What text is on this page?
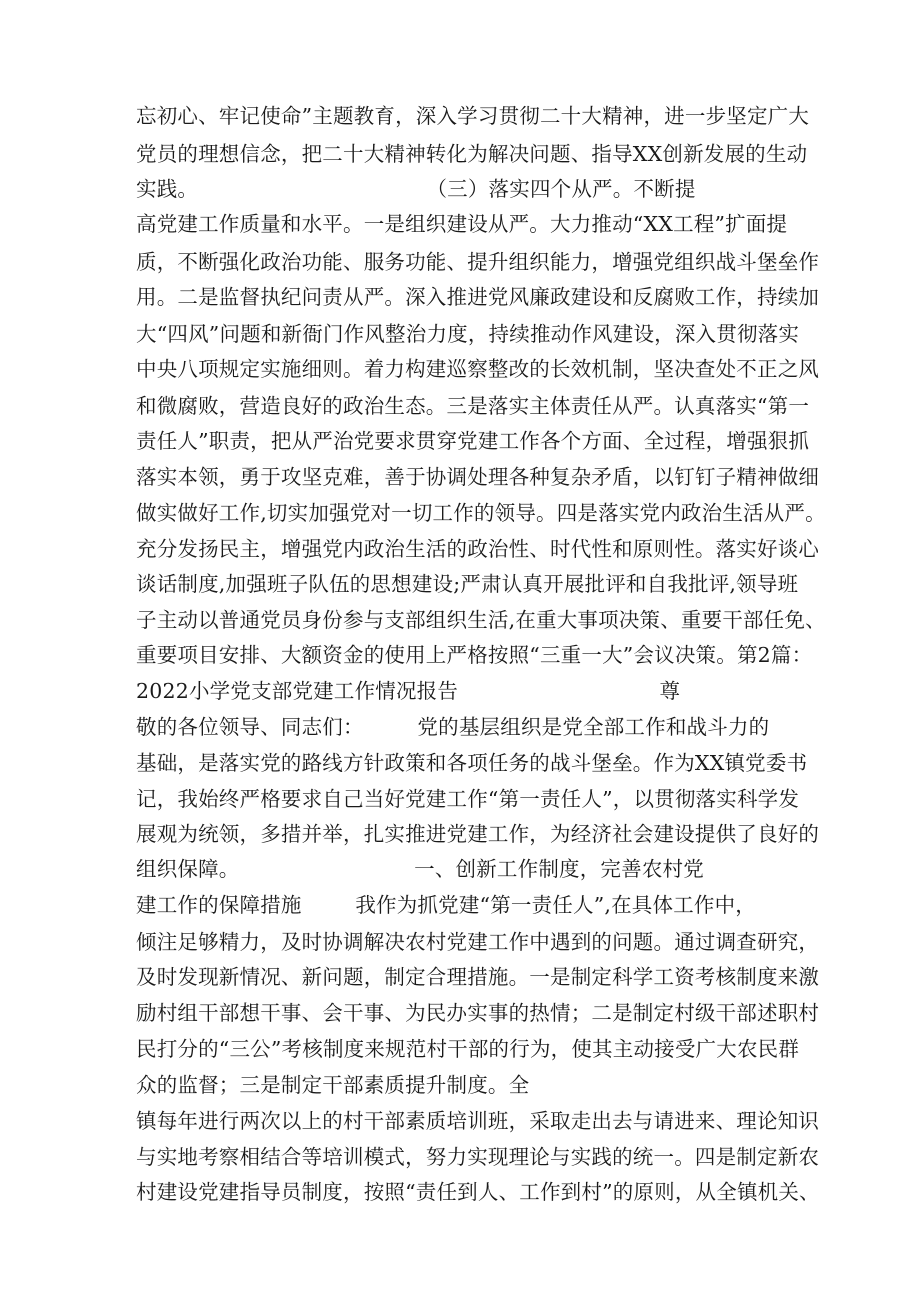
忘初心、牢记使命”主题教育，深入学习贯彻二十大精神，进一步坚定广大
党员的理想信念，把二十大精神转化为解决问题、指导XX创新发展的生动
实践。                                  （三）落实四个从严。不断提
高党建工作质量和水平。一是组织建设从严。大力推动“XX工程”扩面提
质，不断强化政治功能、服务功能、提升组织能力，增强党组织战斗堡垒作
用。二是监督执纪问责从严。深入推进党风廉政建设和反腐败工作，持续加
大“四风”问题和新衙门作风整治力度，持续推动作风建设，深入贯彻落实
中央八项规定实施细则。着力构建巡察整改的长效机制，坚决查处不正之风
和微腐败，营造良好的政治生态。三是落实主体责任从严。认真落实“第一
责任人”职责，把从严治党要求贯穿党建工作各个方面、全过程，增强狠抓
落实本领，勇于攻坚克难，善于协调处理各种复杂矛盾，以钉钉子精神做细
做实做好工作,切实加强党对一切工作的领导。四是落实党内政治生活从严。
充分发扬民主，增强党内政治生活的政治性、时代性和原则性。落实好谈心
谈话制度,加强班子队伍的思想建设;严肃认真开展批评和自我批评,领导班
子主动以普通党员身份参与支部组织生活,在重大事项决策、重要干部任免、
重要项目安排、大额资金的使用上严格按照“三重一大”会议决策。第2篇：
2022小学党支部党建工作情况报告                              尊
敬的各位领导、同志们：        党的基层组织是党全部工作和战斗力的
基础，是落实党的路线方针政策和各项任务的战斗堡垒。作为XX镇党委书
记，我始终严格要求自己当好党建工作“第一责任人”，以贯彻落实科学发
展观为统领，多措并举，扎实推进党建工作，为经济社会建设提供了良好的
组织保障。                          一、创新工作制度，完善农村党
建工作的保障措施        我作为抓党建“第一责任人”,在具体工作中，
倾注足够精力，及时协调解决农村党建工作中遇到的问题。通过调查研究，
及时发现新情况、新问题，制定合理措施。一是制定科学工资考核制度来激
励村组干部想干事、会干事、为民办实事的热情；二是制定村级干部述职村
民打分的“三公”考核制度来规范村干部的行为，使其主动接受广大农民群
众的监督；三是制定干部素质提升制度。全
镇每年进行两次以上的村干部素质培训班，采取走出去与请进来、理论知识
与实地考察相结合等培训模式，努力实现理论与实践的统一。四是制定新农
村建设党建指导员制度，按照“责任到人、工作到村”的原则，从全镇机关、
